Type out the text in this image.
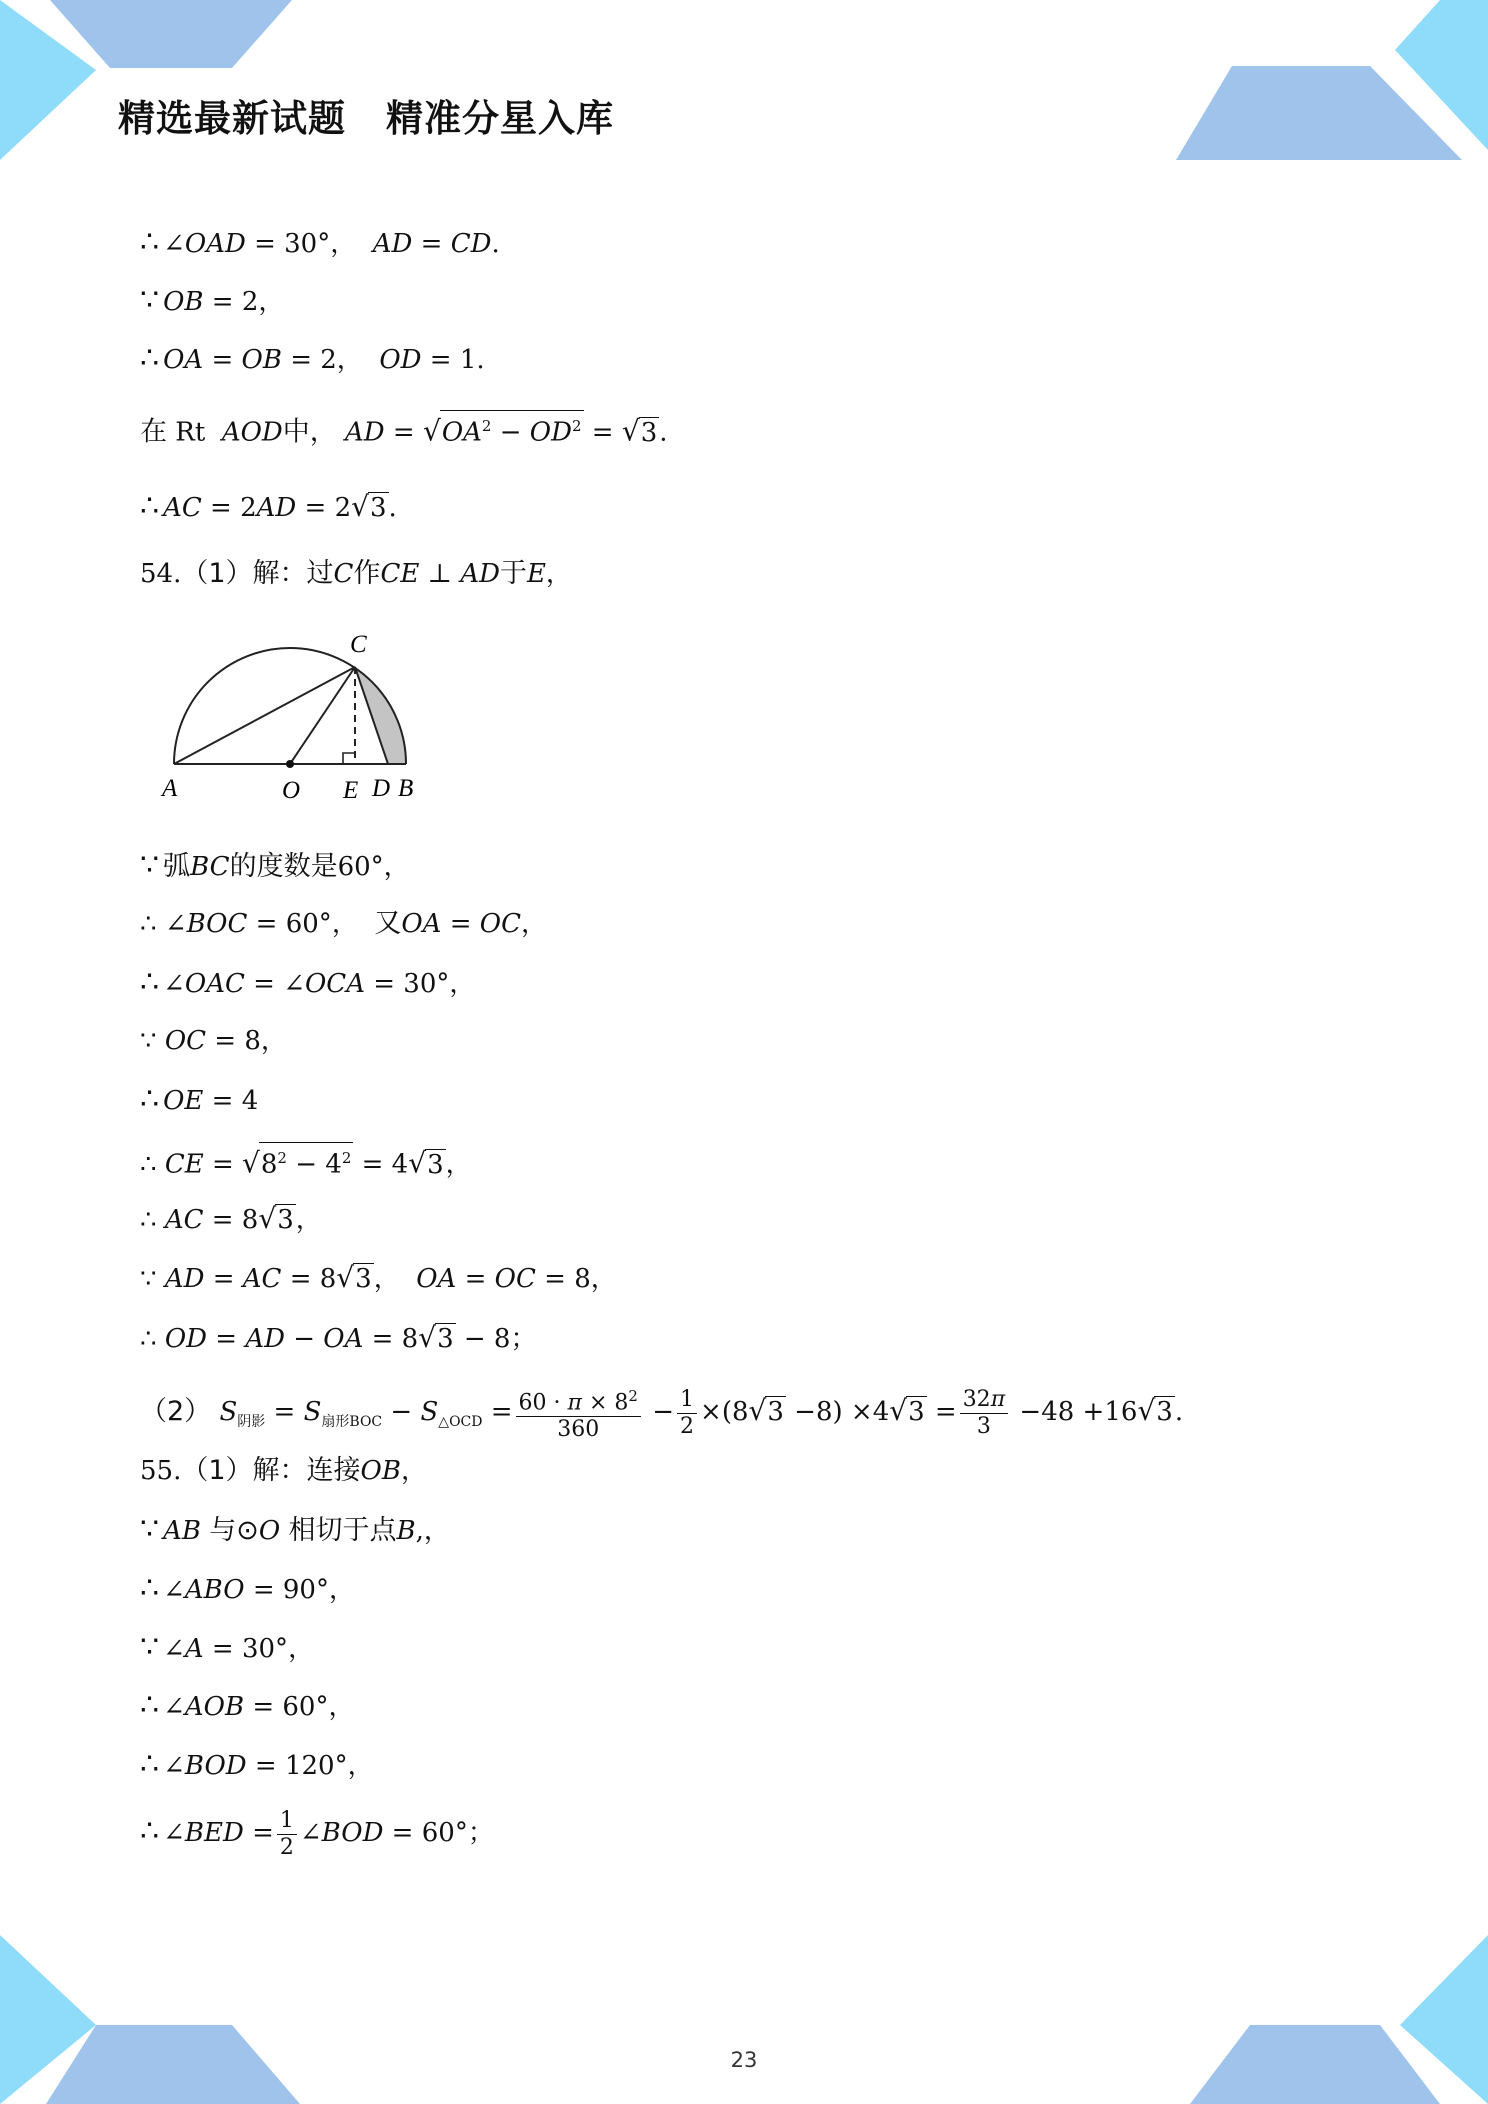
精选最新试题 精准分星入库
∴ ∠OAD = 30°， AD = CD.
∵ OB = 2，
∴ OA = OB = 2， OD = 1.
在 Rt AOD中， AD = $√OA^2 - OD^2 = √3$.
∴ AC = 2AD = 2√3.
54.（1）解：过C作CE ⊥ AD于E，
A	O E D B
C
∵ 弧BC的度数是60°，
∴ ∠BOC = 60°， 又OA = OC，
∴ ∠OAC = ∠OCA = 30°，
∵ OC = 8，
∴ OE = 4
∴ CE = $√8^2 - 4^2 = 4√3$，
∴ AC = 8√3，
∵ AD = AC = 8√3， OA = OC = 8，
∴ OD = AD − OA = 8√3 − 8；
（2） $S_{阴影} = S_{扇形BOC} - S_{\triangle OCD} = \frac{60 \cdot \pi \times 8^2}{360} - \frac{1}{2} \times(8√3 -8) \times 4√3 = \frac{32\pi}{3} -48 +16√3$.
55.（1）解：连接OB，
∵ AB 与⊙O 相切于点B,，
∴ ∠ABO = 90°，
∵ ∠A = 30°，
∴ ∠AOB = 60°，
∴ ∠BOD = 120°，
∴ ∠BED = $\frac{1}{2}$ ∠BOD = 60°；
23
